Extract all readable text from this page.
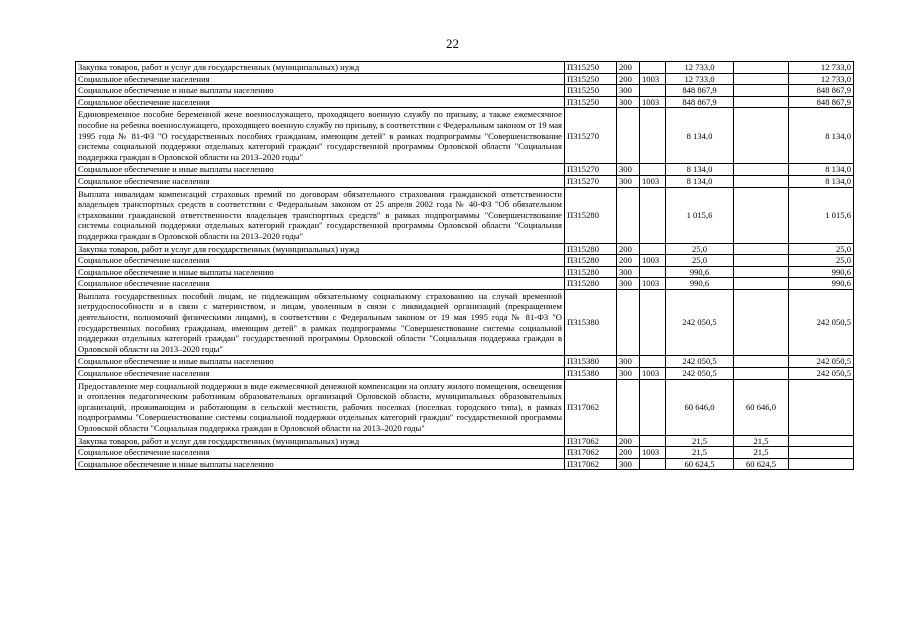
22
Закупка товаров, работ и услуг для государственных (муниципальных) нужд	П315250	200		12 733,0		12 733,0
Социальное обеспечение населения	П315250	200	1003	12 733,0		12 733,0
Социальное обеспечение и иные выплаты населению	П315250	300		848 867,9		848 867,9
Социальное обеспечение населения	П315250	300	1003	848 867,9		848 867,9
Единовременное пособие беременной жене военнослужащего, проходящего военную службу по призыву, а также ежемесячное пособие на ребенка военнослужащего, проходящего военную службу по призыву, в соответствии с Федеральным законом от 19 мая 1995 года № 81-ФЗ "О государственных пособиях гражданам, имеющим детей" в рамках подпрограммы "Совершенствование системы социальной поддержки отдельных категорий граждан" государственной программы Орловской области "Социальная поддержка граждан в Орловской области на 2013–2020 годы"	П315270			8 134,0		8 134,0
Социальное обеспечение и иные выплаты населению	П315270	300		8 134,0		8 134,0
Социальное обеспечение населения	П315270	300	1003	8 134,0		8 134,0
Выплата инвалидам компенсаций страховых премий по договорам обязательного страхования гражданской ответственности владельцев транспортных средств в соответствии с Федеральным законом от 25 апреля 2002 года № 40-ФЗ "Об обязательном страховании гражданской ответственности владельцев транспортных средств" в рамках подпрограммы "Совершенствование системы социальной поддержки отдельных категорий граждан" государственной программы Орловской области "Социальная поддержка граждан в Орловской области на 2013–2020 годы"	П315280			1 015,6		1 015,6
Закупка товаров, работ и услуг для государственных (муниципальных) нужд	П315280	200		25,0		25,0
Социальное обеспечение населения	П315280	200	1003	25,0		25,0
Социальное обеспечение и иные выплаты населению	П315280	300		990,6		990,6
Социальное обеспечение населения	П315280	300	1003	990,6		990,6
Выплата государственных пособий лицам, не подлежащим обязательному социальному страхованию на случай временной нетрудоспособности и в связи с материнством, и лицам, уволенным в связи с ликвидацией организаций (прекращением деятельности, полномочий физическими лицами), в соответствии с Федеральным законом от 19 мая 1995 года № 81-ФЗ "О государственных пособиях гражданам, имеющим детей" в рамках подпрограммы "Совершенствование системы социальной поддержки отдельных категорий граждан" государственной программы Орловской области "Социальная поддержка граждан в Орловской области на 2013–2020 годы"	П315380			242 050,5		242 050,5
Социальное обеспечение и иные выплаты населению	П315380	300		242 050,5		242 050,5
Социальное обеспечение населения	П315380	300	1003	242 050,5		242 050,5
Предоставление мер социальной поддержки в виде ежемесячной денежной компенсации на оплату жилого помещения, освещения и отопления педагогическим работникам образовательных организаций Орловской области, муниципальных образовательных организаций, проживающим и работающим в сельской местности, рабочих поселках (поселках городского типа), в рамках подпрограммы "Совершенствование системы социальной поддержки отдельных категорий граждан" государственной программы Орловской области "Социальная поддержка граждан в Орловской области на 2013–2020 годы"	П317062			60 646,0	60 646,0	
Закупка товаров, работ и услуг для государственных (муниципальных) нужд	П317062	200		21,5	21,5	
Социальное обеспечение населения	П317062	200	1003	21,5	21,5	
Социальное обеспечение и иные выплаты населению	П317062	300		60 624,5	60 624,5	
